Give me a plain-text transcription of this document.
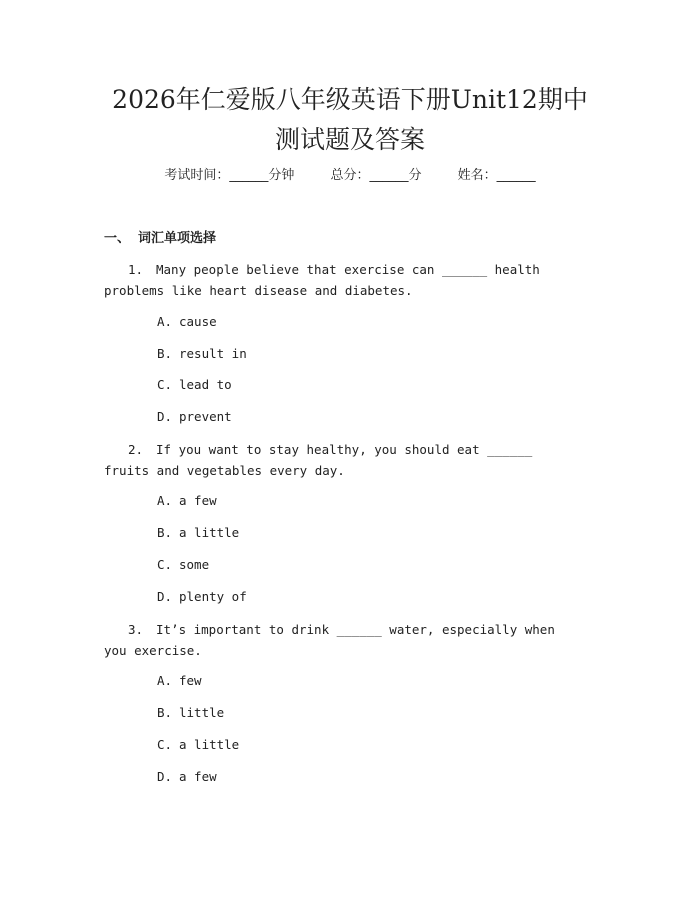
2026年仁爱版八年级英语下册Unit12期中
测试题及答案
考试时间：______分钟	总分：______分	姓名：______
一、 词汇单项选择

1. Many people believe that exercise can ______ health problems like heart disease and diabetes.

A. cause
B. result in
C. lead to
D. prevent

2. If you want to stay healthy, you should eat ______ fruits and vegetables every day.

A. a few
B. a little
C. some
D. plenty of

3. It’s important to drink ______ water, especially when you exercise.

A. few
B. little
C. a little
D. a few
